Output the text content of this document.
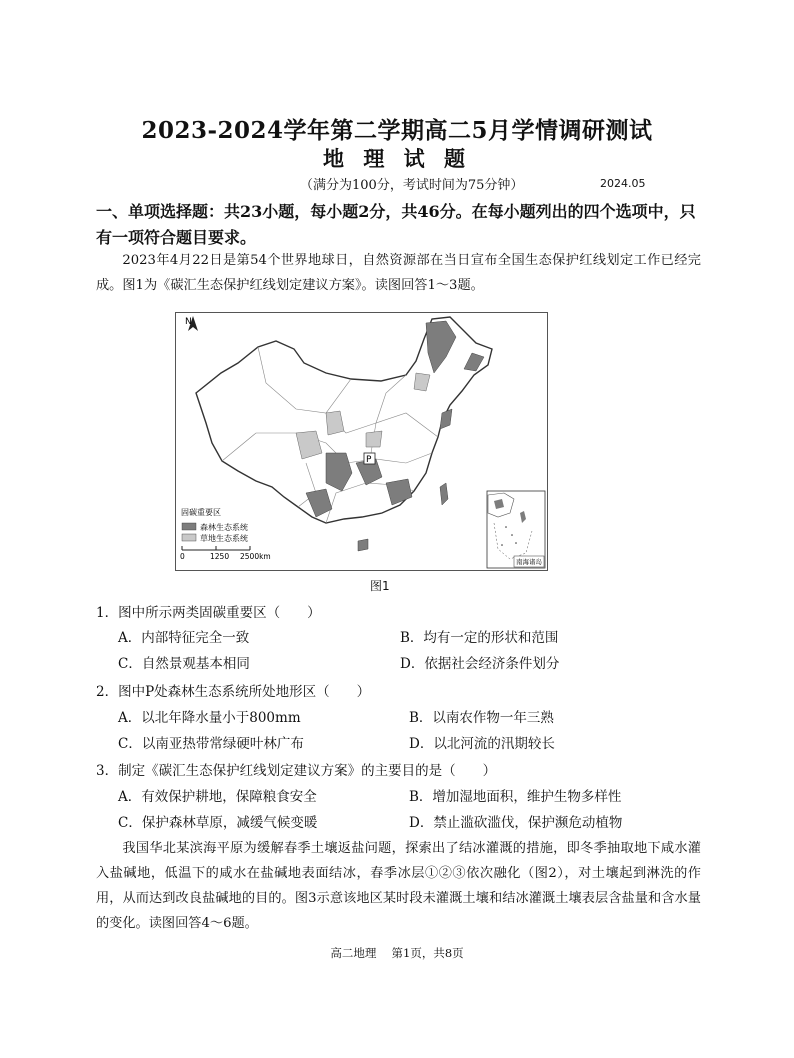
2023-2024学年第二学期高二5月学情调研测试
地 理 试 题
（满分为100分，考试时间为75分钟）	2024.05
一、单项选择题：共23小题，每小题2分，共46分。在每小题列出的四个选项中，只有一项符合题目要求。
2023年4月22日是第54个世界地球日，自然资源部在当日宣布全国生态保护红线划定工作已经完成。图1为《碳汇生态保护红线划定建议方案》。读图回答1～3题。
N
P
固碳重要区
森林生态系统
草地生态系统
0	1250 2500km
南海诸岛
图1
1．图中所示两类固碳重要区（　　）
A．内部特征完全一致	B．均有一定的形状和范围
C．自然景观基本相同	D．依据社会经济条件划分
2．图中P处森林生态系统所处地形区（　　）
A．以北年降水量小于800mm	B．以南农作物一年三熟
C．以南亚热带常绿硬叶林广布	D．以北河流的汛期较长
3．制定《碳汇生态保护红线划定建议方案》的主要目的是（　　）
A．有效保护耕地，保障粮食安全	B．增加湿地面积，维护生物多样性
C．保护森林草原，减缓气候变暖	D．禁止滥砍滥伐，保护濒危动植物
我国华北某滨海平原为缓解春季土壤返盐问题，探索出了结冰灌溉的措施，即冬季抽取地下咸水灌入盐碱地，低温下的咸水在盐碱地表面结冰，春季冰层①②③依次融化（图2），对土壤起到淋洗的作用，从而达到改良盐碱地的目的。图3示意该地区某时段未灌溉土壤和结冰灌溉土壤表层含盐量和含水量的变化。读图回答4～6题。
高二地理　 第1页，共8页
